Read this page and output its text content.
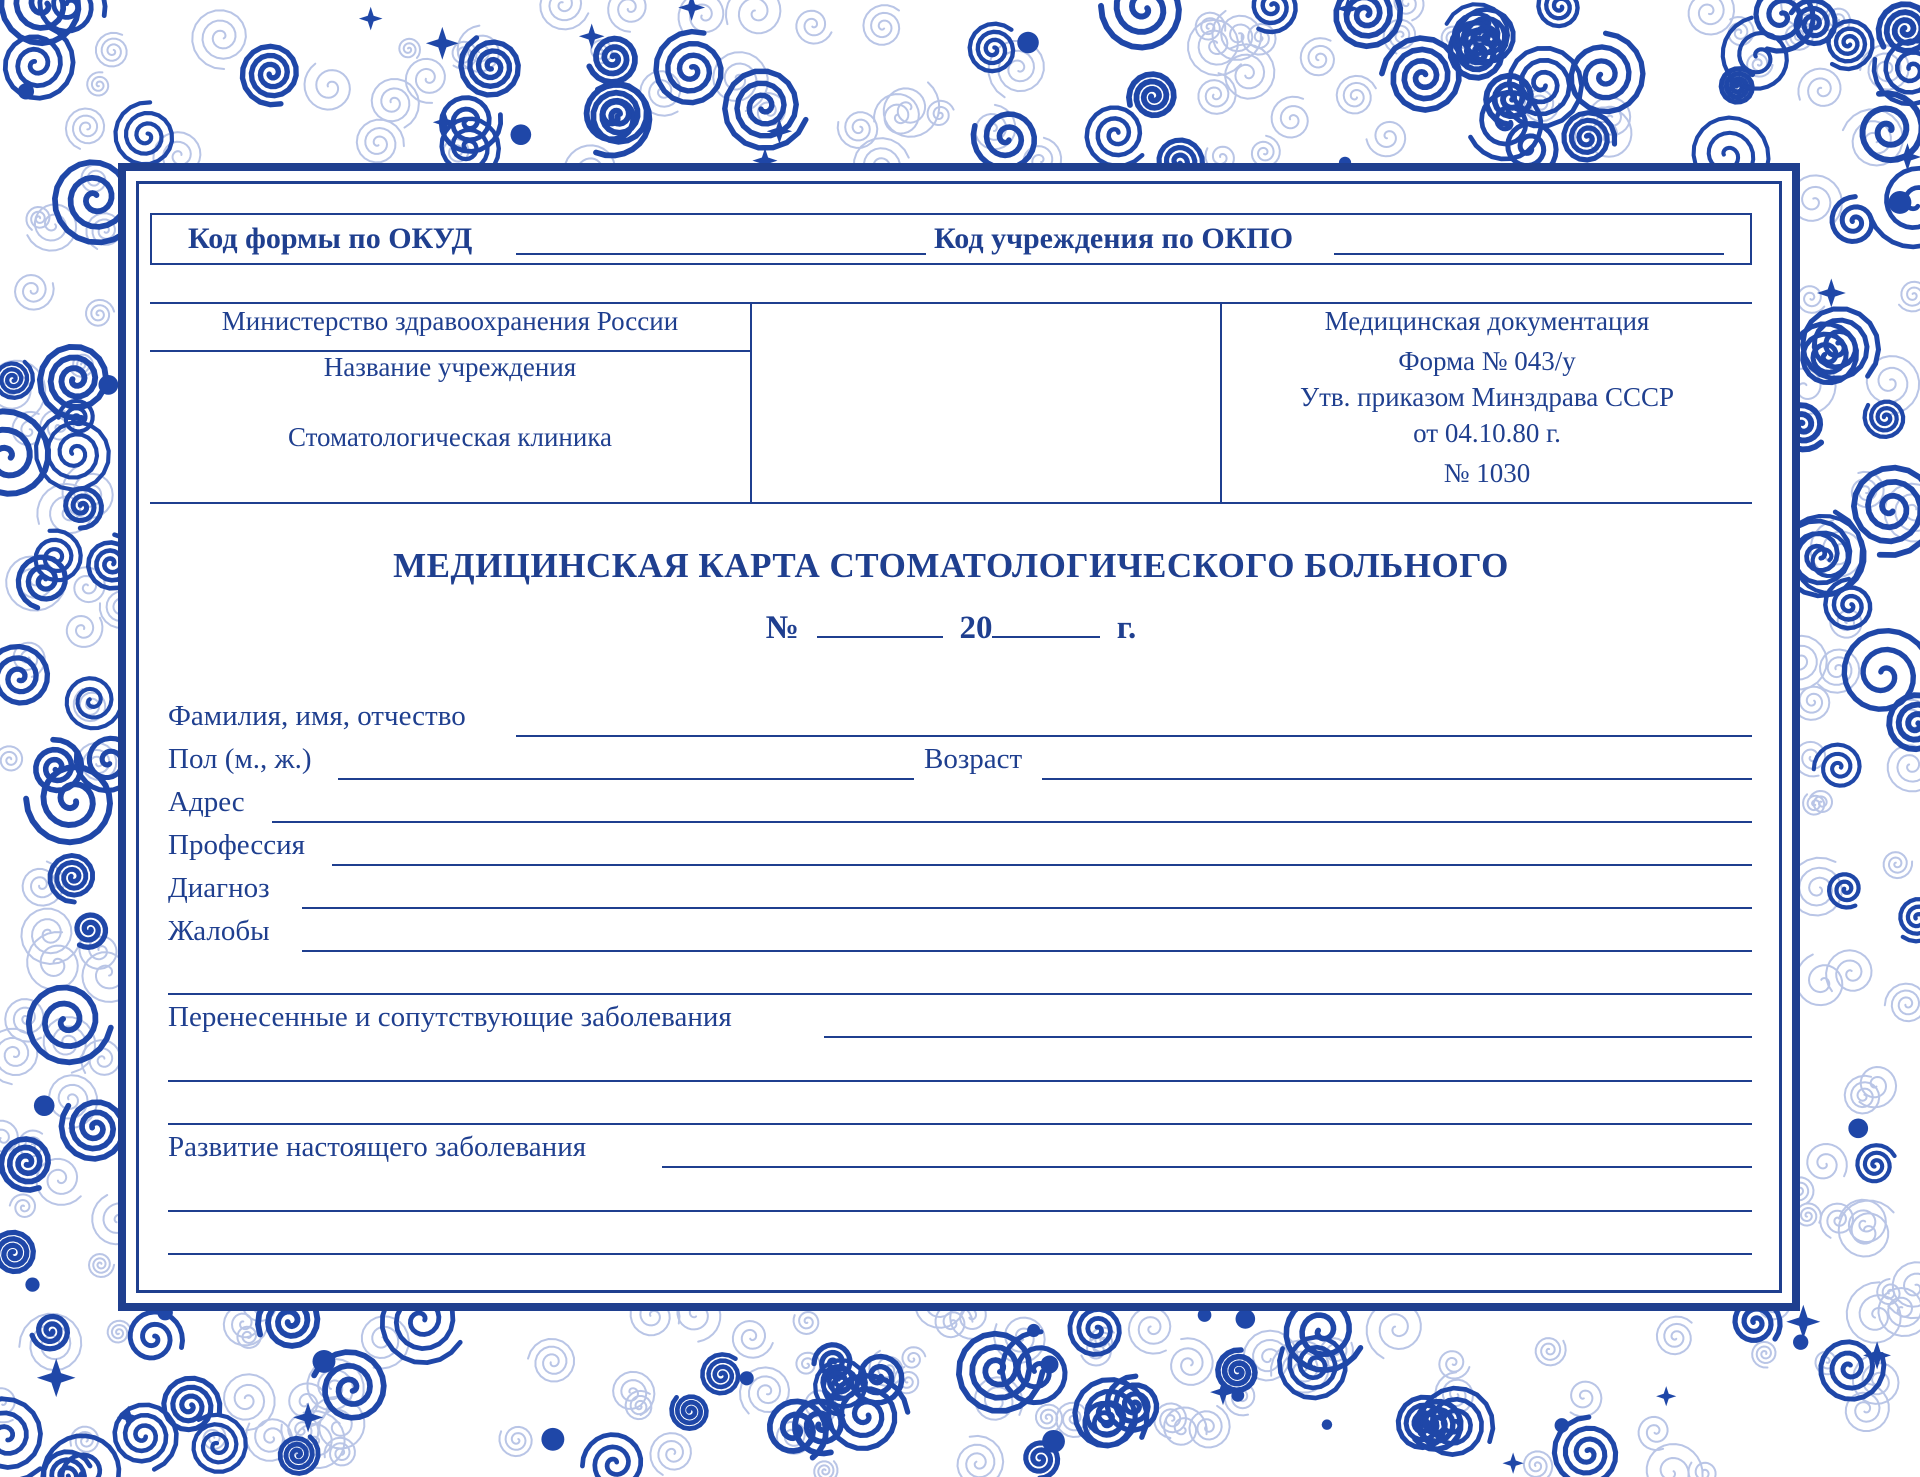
Код формы по ОКУД	Код учреждения по ОКПО
Министерство здравоохранения России
Название учреждения
Стоматологическая клиника
Медицинская документация
Форма № 043/у
Утв. приказом Минздрава СССР
от 04.10.80 г.
№ 1030
МЕДИЦИНСКАЯ КАРТА СТОМАТОЛОГИЧЕСКОГО БОЛЬНОГО
№	20	г.
Фамилия, имя, отчество
Пол (м., ж.)	Возраст
Адрес
Профессия
Диагноз
Жалобы
Перенесенные и сопутствующие заболевания
Развитие настоящего заболевания
